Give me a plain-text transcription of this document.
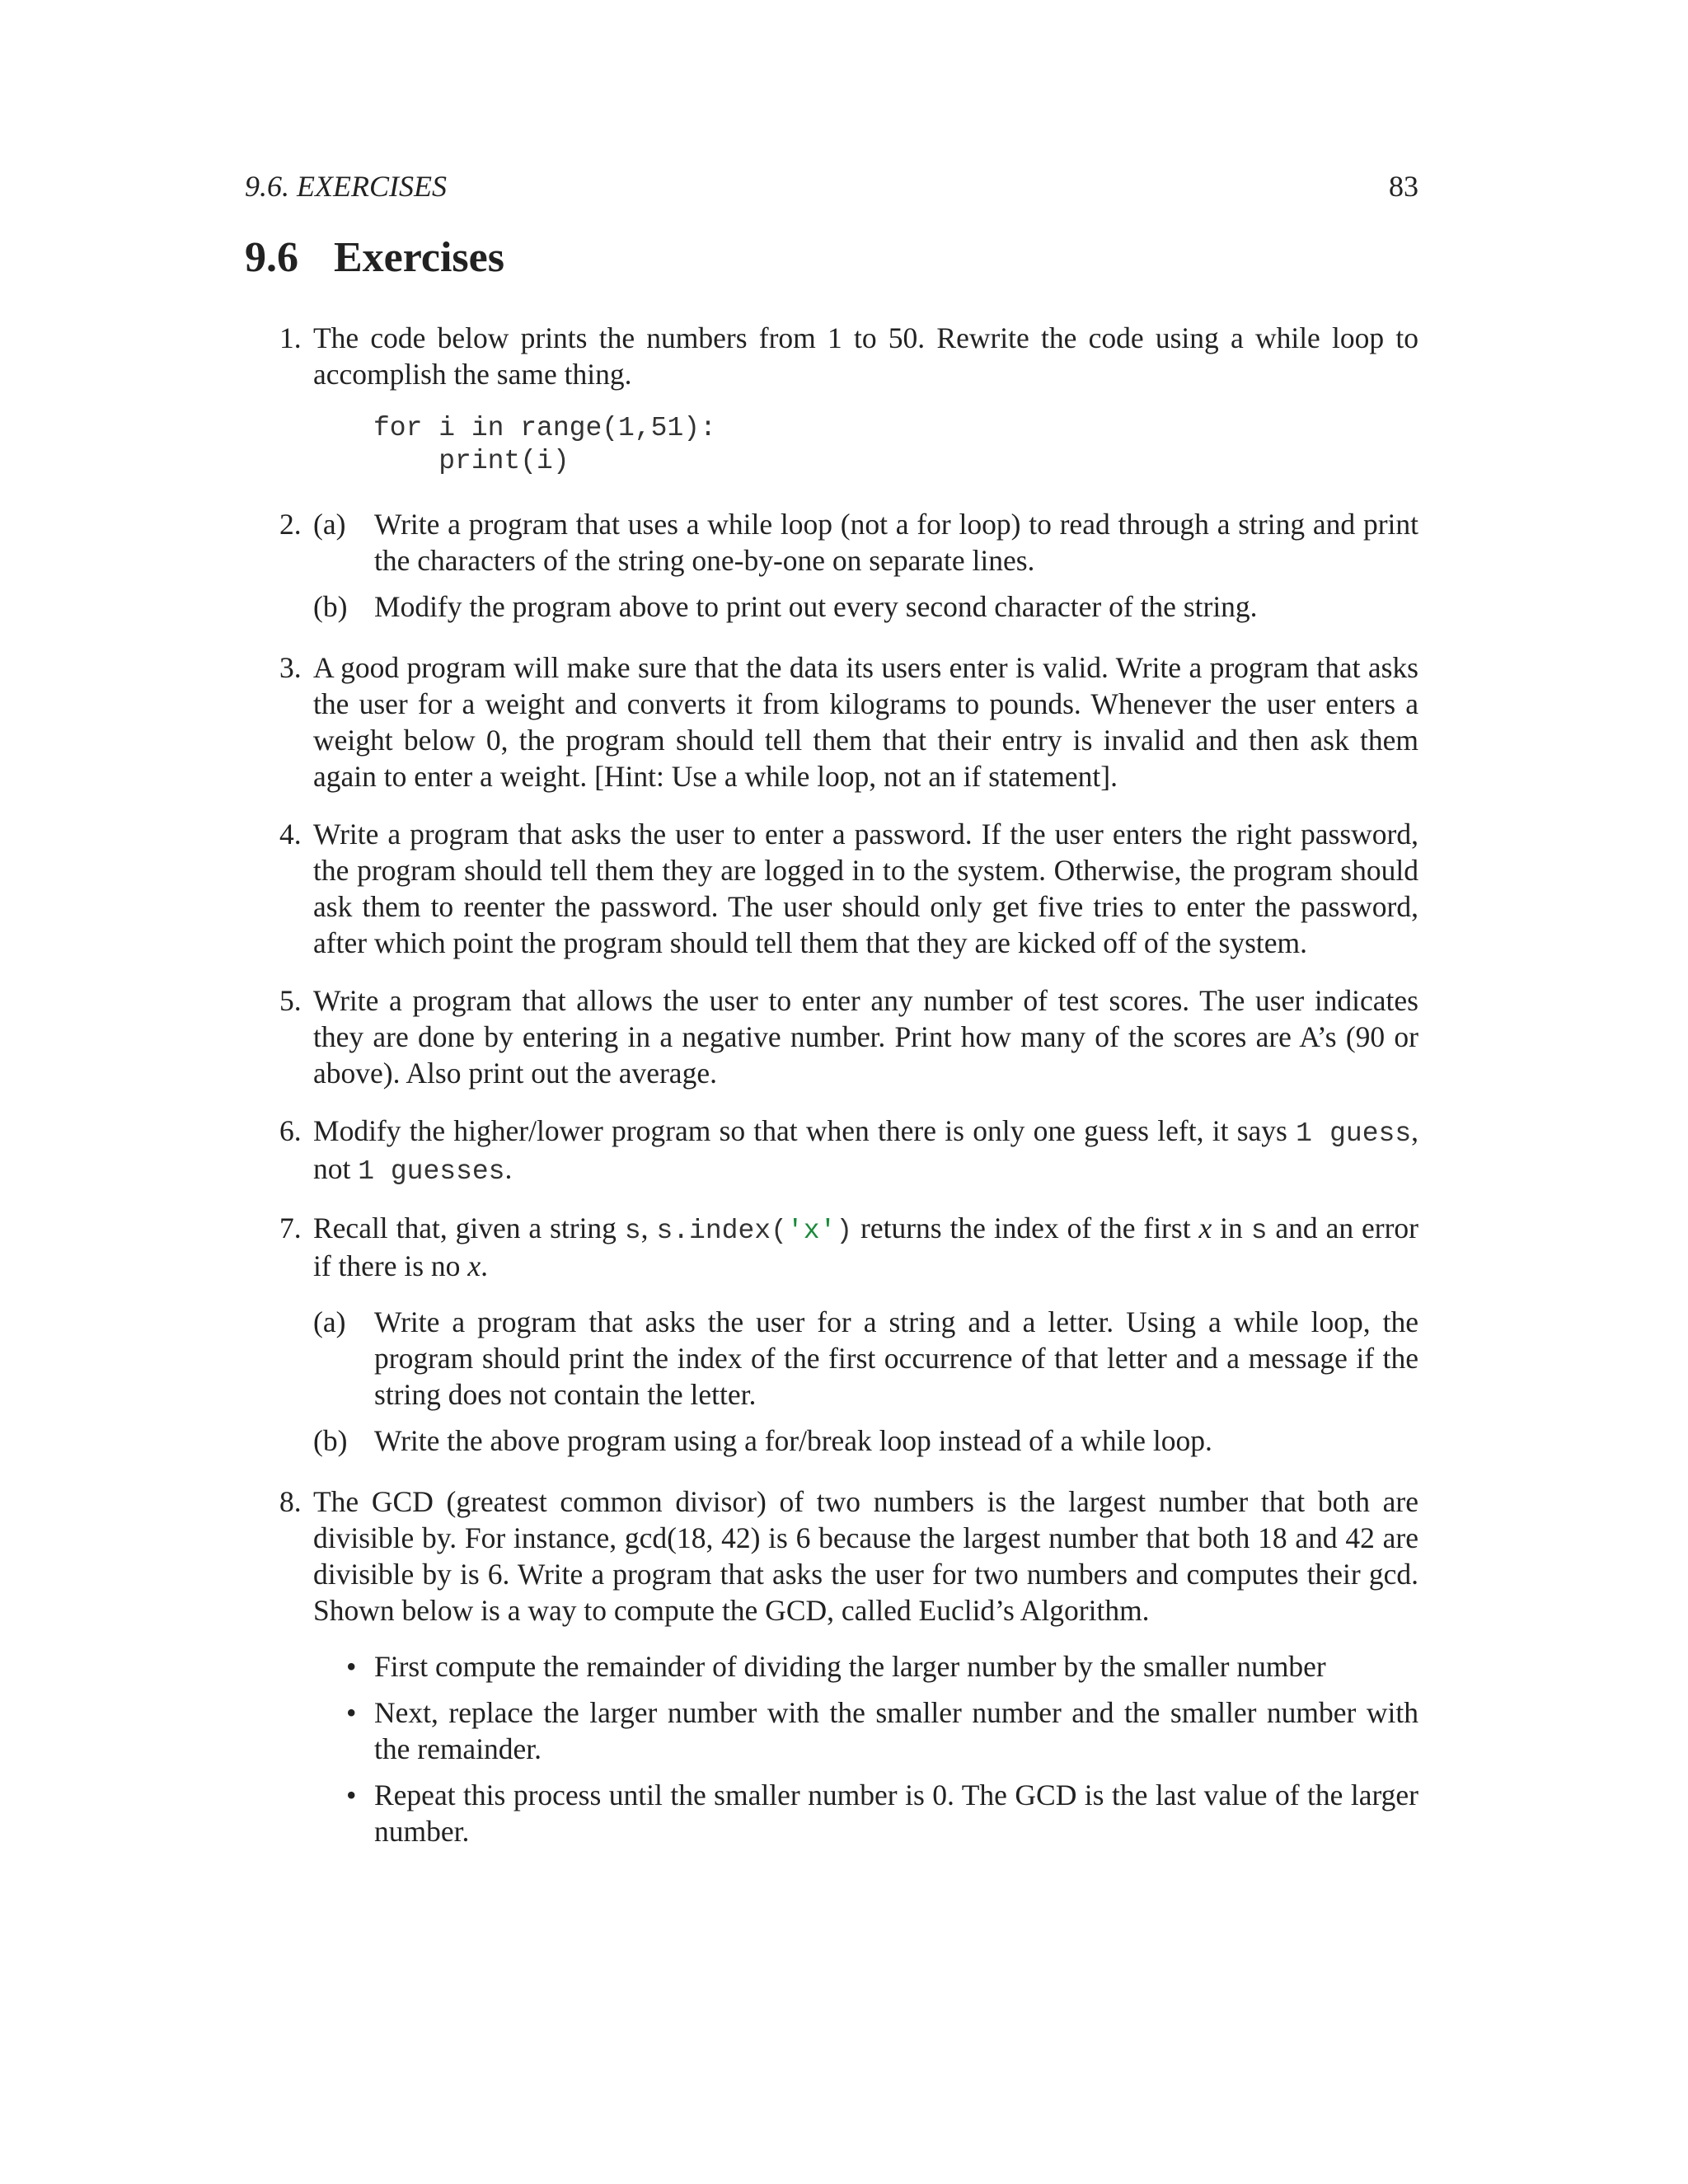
9.6. EXERCISES	83
9.6 Exercises
1. The code below prints the numbers from 1 to 50. Rewrite the code using a while loop to accomplish the same thing.
for i in range(1,51):
print(i)
2. (a) Write a program that uses a while loop (not a for loop) to read through a string and print the characters of the string one-by-one on separate lines.
(b) Modify the program above to print out every second character of the string.
3. A good program will make sure that the data its users enter is valid. Write a program that asks the user for a weight and converts it from kilograms to pounds. Whenever the user enters a weight below 0, the program should tell them that their entry is invalid and then ask them again to enter a weight. [Hint: Use a while loop, not an if statement].
4. Write a program that asks the user to enter a password. If the user enters the right password, the program should tell them they are logged in to the system. Otherwise, the program should ask them to reenter the password. The user should only get five tries to enter the password, after which point the program should tell them that they are kicked off of the system.
5. Write a program that allows the user to enter any number of test scores. The user indicates they are done by entering in a negative number. Print how many of the scores are A’s (90 or above). Also print out the average.
6. Modify the higher/lower program so that when there is only one guess left, it says 1 guess, not 1 guesses.
7. Recall that, given a string s, s.index('x') returns the index of the first x in s and an error if there is no x.
(a) Write a program that asks the user for a string and a letter. Using a while loop, the program should print the index of the first occurrence of that letter and a message if the string does not contain the letter.
(b) Write the above program using a for/break loop instead of a while loop.
8. The GCD (greatest common divisor) of two numbers is the largest number that both are divisible by. For instance, gcd(18, 42) is 6 because the largest number that both 18 and 42 are divisible by is 6. Write a program that asks the user for two numbers and computes their gcd. Shown below is a way to compute the GCD, called Euclid’s Algorithm.
• First compute the remainder of dividing the larger number by the smaller number
• Next, replace the larger number with the smaller number and the smaller number with the remainder.
• Repeat this process until the smaller number is 0. The GCD is the last value of the larger number.
